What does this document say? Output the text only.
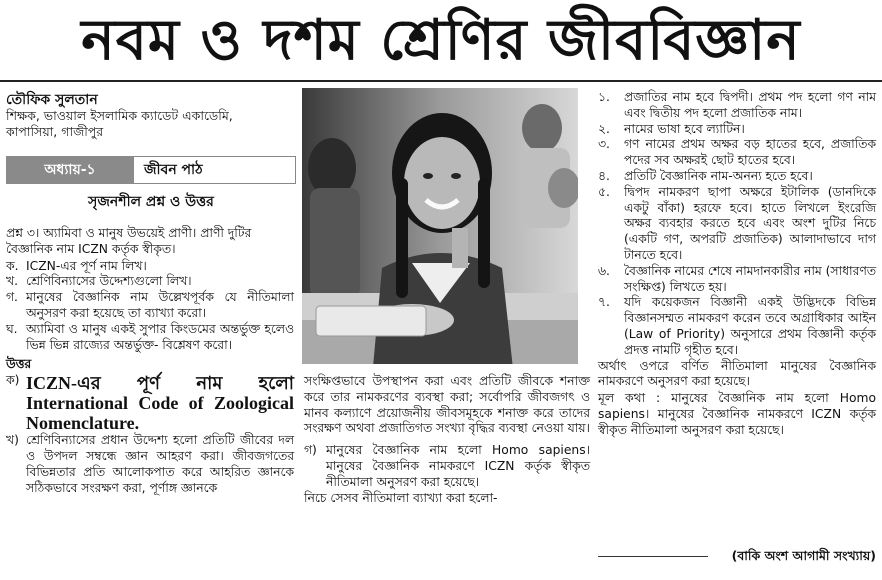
নবম ও দশম শ্রেণির জীববিজ্ঞান
তৌফিক সুলতান
শিক্ষক, ভাওয়াল ইসলামিক ক্যাডেট একাডেমি,
কাপাসিয়া, গাজীপুর
অধ্যায়-১	জীবন পাঠ
সৃজনশীল প্রশ্ন ও উত্তর

প্রশ্ন ৩। অ্যামিবা ও মানুষ উভয়েই প্রাণী। প্রাণী দুটির বৈজ্ঞানিক নাম ICZN কর্তৃক স্বীকৃত।

ক. ICZN-এর পূর্ণ নাম লিখ।
খ. শ্রেণিবিন্যাসের উদ্দেশ্যগুলো লিখ।
গ. মানুষের বৈজ্ঞানিক নাম উল্লেখপূর্বক যে নীতিমালা অনুসরণ করা হয়েছে তা ব্যাখ্যা করো।
ঘ. অ্যামিবা ও মানুষ একই সুপার কিংডমের অন্তর্ভুক্ত হলেও ভিন্ন ভিন্ন রাজ্যের অন্তর্ভুক্ত- বিশ্লেষণ করো।
উত্তর
ক) ICZN-এর পূর্ণ নাম হলো International Code of Zoological Nomenclature.
খ) শ্রেণিবিন্যাসের প্রধান উদ্দেশ্য হলো প্রতিটি জীবের দল ও উপদল সম্বন্ধে জ্ঞান আহরণ করা। জীবজগতের বিভিন্নতার প্রতি আলোকপাত করে আহরিত জ্ঞানকে সঠিকভাবে সংরক্ষণ করা, পূর্ণাঙ্গ জ্ঞানকে

সংক্ষিপ্তভাবে উপস্থাপন করা এবং প্রতিটি জীবকে শনাক্ত করে তার নামকরণের ব্যবস্থা করা; সর্বোপরি জীবজগৎ ও মানব কল্যাণে প্রয়োজনীয় জীবসমূহকে শনাক্ত করে তাদের সংরক্ষণ অথবা প্রজাতিগত সংখ্যা বৃদ্ধির ব্যবস্থা নেওয়া যায়।

গ) মানুষের বৈজ্ঞানিক নাম হলো Homo sapiens। মানুষের বৈজ্ঞানিক নামকরণে ICZN কর্তৃক স্বীকৃত নীতিমালা অনুসরণ করা হয়েছে।

নিচে সেসব নীতিমালা ব্যাখ্যা করা হলো-

১.	প্রজাতির নাম হবে দ্বিপদী। প্রথম পদ হলো গণ নাম এবং দ্বিতীয় পদ হলো প্রজাতিক নাম।
২.	নামের ভাষা হবে ল্যাটিন।
৩.	গণ নামের প্রথম অক্ষর বড় হাতের হবে, প্রজাতিক পদের সব অক্ষরই ছোট হাতের হবে।
৪.	প্রতিটি বৈজ্ঞানিক নাম-অনন্য হতে হবে।
৫.	দ্বিপদ নামকরণ ছাপা অক্ষরে ইটালিক (ডানদিকে একটু বাঁকা) হরফে হবে। হাতে লিখলে ইংরেজি অক্ষর ব্যবহার করতে হবে এবং অংশ দুটির নিচে (একটি গণ, অপরটি প্রজাতিক) আলাদাভাবে দাগ টানতে হবে।
৬.	বৈজ্ঞানিক নামের শেষে নামদানকারীর নাম (সাধারণত সংক্ষিপ্ত) লিখতে হয়।
৭.	যদি কয়েকজন বিজ্ঞানী একই উদ্ভিদকে বিভিন্ন বিজ্ঞানসম্মত নামকরণ করেন তবে অগ্রাধিকার আইন (Law of Priority) অনুসারে প্রথম বিজ্ঞানী কর্তৃক প্রদত্ত নামটি গৃহীত হবে।

অর্থাৎ ওপরে বর্ণিত নীতিমালা মানুষের বৈজ্ঞানিক নামকরণে অনুসরণ করা হয়েছে।

মূল কথা : মানুষের বৈজ্ঞানিক নাম হলো Homo sapiens। মানুষের বৈজ্ঞানিক নামকরণে ICZN কর্তৃক স্বীকৃত নীতিমালা অনুসরণ করা হয়েছে।

(বাকি অংশ আগামী সংখ্যায়)
